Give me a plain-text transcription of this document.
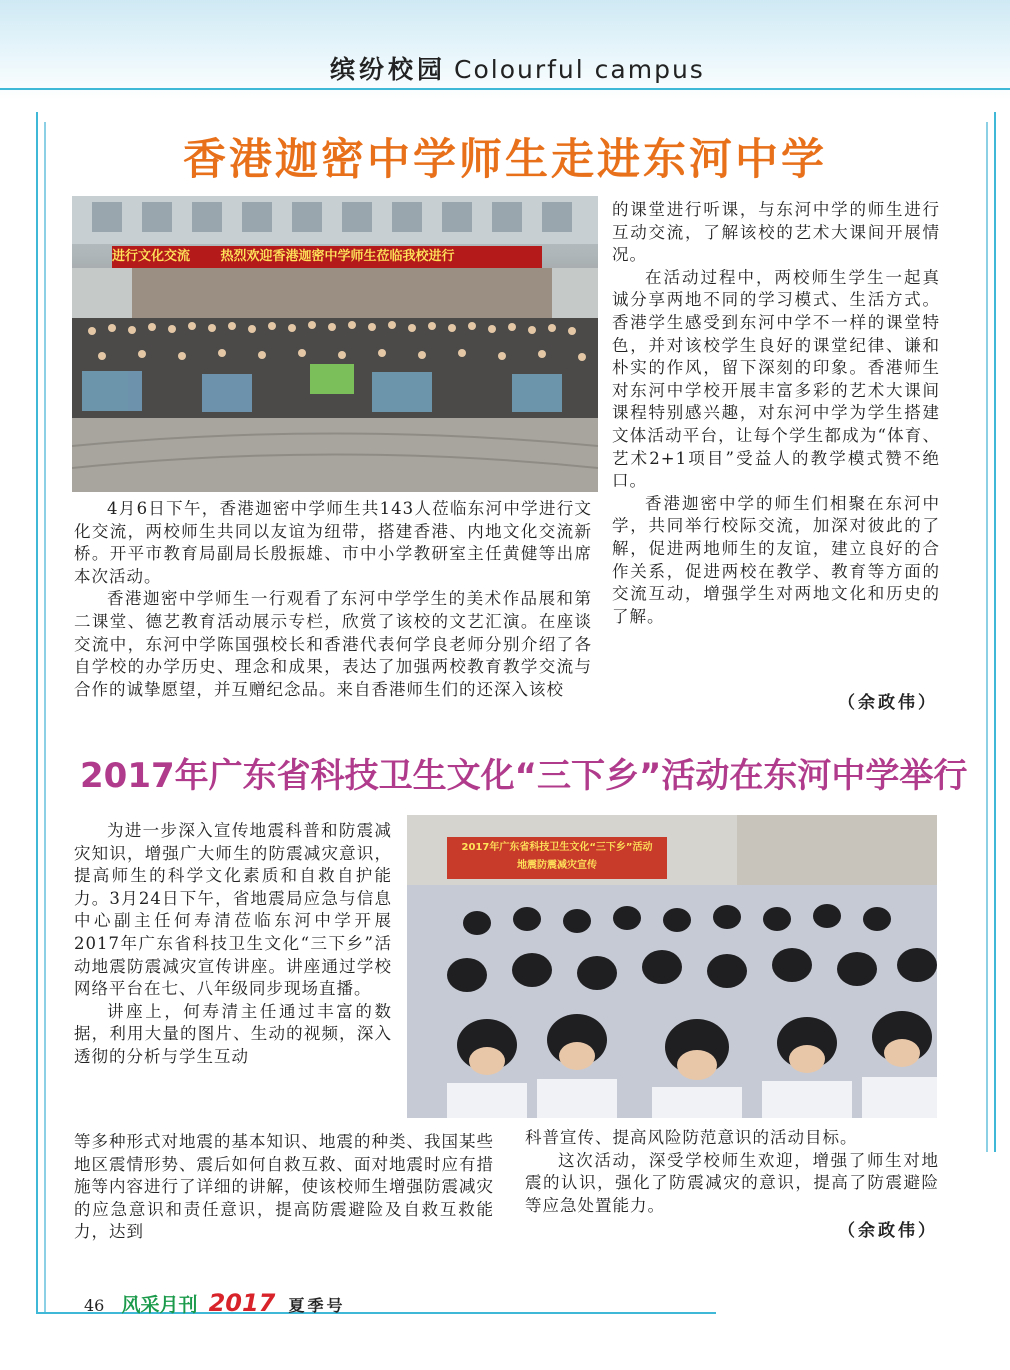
缤纷校园 Colourful campus
香港迦密中学师生走进东河中学
进行文化交流 热烈欢迎香港迦密中学师生莅临我校进行

的课堂进行听课，与东河中学的师生进行互动交流，了解该校的艺术大课间开展情况。

在活动过程中，两校师生学生一起真诚分享两地不同的学习模式、生活方式。香港学生感受到东河中学不一样的课堂特色，并对该校学生良好的课堂纪律、谦和朴实的作风，留下深刻的印象。香港师生对东河中学校开展丰富多彩的艺术大课间课程特别感兴趣，对东河中学为学生搭建文体活动平台，让每个学生都成为“体育、艺术2+1项目”受益人的教学模式赞不绝口。

香港迦密中学的师生们相聚在东河中学，共同举行校际交流，加深对彼此的了解，促进两地师生的友谊，建立良好的合作关系，促进两校在教学、教育等方面的交流互动，增强学生对两地文化和历史的了解。

4月6日下午，香港迦密中学师生共143人莅临东河中学进行文化交流，两校师生共同以友谊为纽带，搭建香港、内地文化交流新桥。开平市教育局副局长殷振雄、市中小学教研室主任黄健等出席本次活动。

香港迦密中学师生一行观看了东河中学学生的美术作品展和第二课堂、德艺教育活动展示专栏，欣赏了该校的文艺汇演。在座谈交流中，东河中学陈国强校长和香港代表何学良老师分别介绍了各自学校的办学历史、理念和成果，表达了加强两校教育教学交流与合作的诚挚愿望，并互赠纪念品。来自香港师生们的还深入该校

（余政伟）
2017年广东省科技卫生文化“三下乡”活动在东河中学举行

为进一步深入宣传地震科普和防震减灾知识，增强广大师生的防震减灾意识，提高师生的科学文化素质和自救自护能力。3月24日下午，省地震局应急与信息中心副主任何寿清莅临东河中学开展2017年广东省科技卫生文化“三下乡”活动地震防震减灾宣传讲座。讲座通过学校网络平台在七、八年级同步现场直播。

讲座上，何寿清主任通过丰富的数据，利用大量的图片、生动的视频，深入透彻的分析与学生互动

2017年广东省科技卫生文化“三下乡”活动
地震防震减灾宣传

等多种形式对地震的基本知识、地震的种类、我国某些地区震情形势、震后如何自救互救、面对地震时应有措施等内容进行了详细的讲解，使该校师生增强防震减灾的应急意识和责任意识，提高防震避险及自救互救能力，达到

科普宣传、提高风险防范意识的活动目标。

这次活动，深受学校师生欢迎，增强了师生对地震的认识，强化了防震减灾的意识，提高了防震避险等应急处置能力。

（余政伟）
46 风采月刊 2017 夏季号
